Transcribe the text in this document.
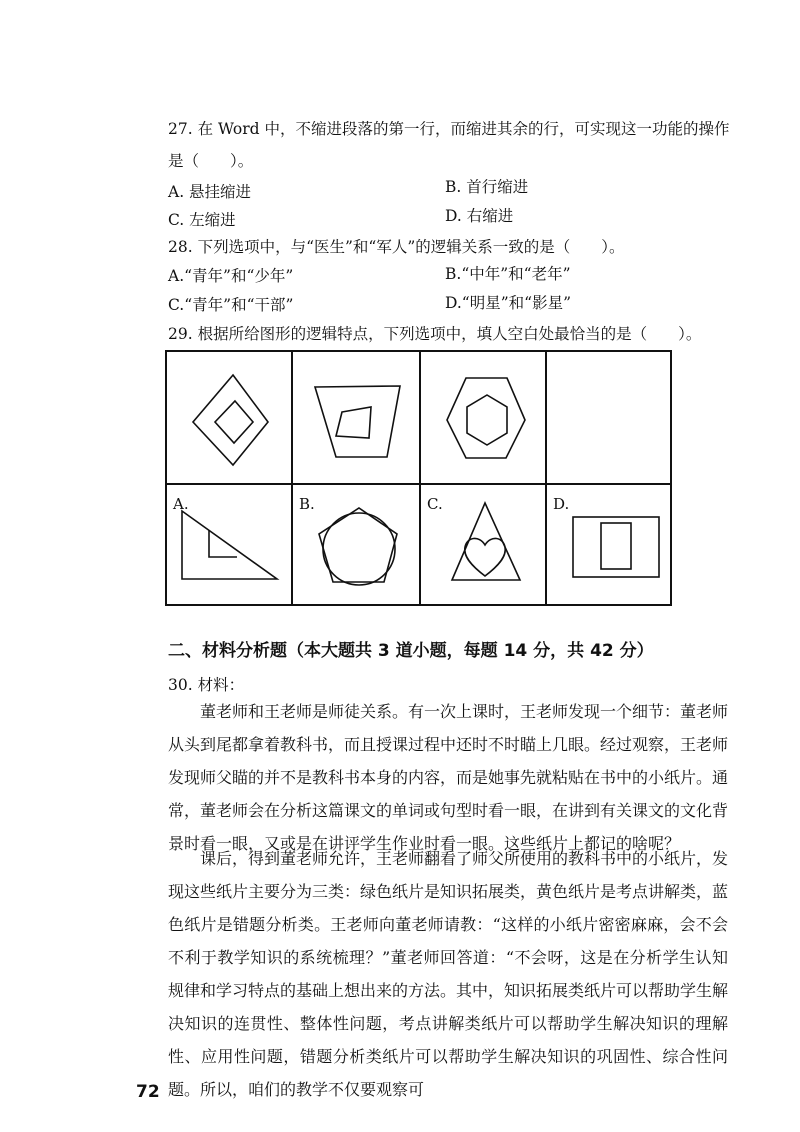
27. 在 Word 中，不缩进段落的第一行，而缩进其余的行，可实现这一功能的操作
是（　　）。
A. 悬挂缩进	B. 首行缩进
C. 左缩进	D. 右缩进
28. 下列选项中，与“医生”和“军人”的逻辑关系一致的是（　　）。
A.“青年”和“少年”	B.“中年”和“老年”
C.“青年”和“干部”	D.“明星”和“影星”
29. 根据所给图形的逻辑特点，下列选项中，填人空白处最恰当的是（　　）。
A.	B.	C.	D.
二、材料分析题（本大题共 3 道小题，每题 14 分，共 42 分）
30. 材料：
董老师和王老师是师徒关系。有一次上课时，王老师发现一个细节：董老师从头到尾都拿着教科书，而且授课过程中还时不时瞄上几眼。经过观察，王老师发现师父瞄的并不是教科书本身的内容，而是她事先就粘贴在书中的小纸片。通常，董老师会在分析这篇课文的单词或句型时看一眼，在讲到有关课文的文化背景时看一眼，又或是在讲评学生作业时看一眼。这些纸片上都记的啥呢？
课后，得到董老师允许，王老师翻看了师父所使用的教科书中的小纸片，发现这些纸片主要分为三类：绿色纸片是知识拓展类，黄色纸片是考点讲解类，蓝色纸片是错题分析类。王老师向董老师请教：“这样的小纸片密密麻麻，会不会不利于教学知识的系统梳理？”董老师回答道：“不会呀，这是在分析学生认知规律和学习特点的基础上想出来的方法。其中，知识拓展类纸片可以帮助学生解决知识的连贯性、整体性问题，考点讲解类纸片可以帮助学生解决知识的理解性、应用性问题，错题分析类纸片可以帮助学生解决知识的巩固性、综合性问题。所以，咱们的教学不仅要观察可
72
